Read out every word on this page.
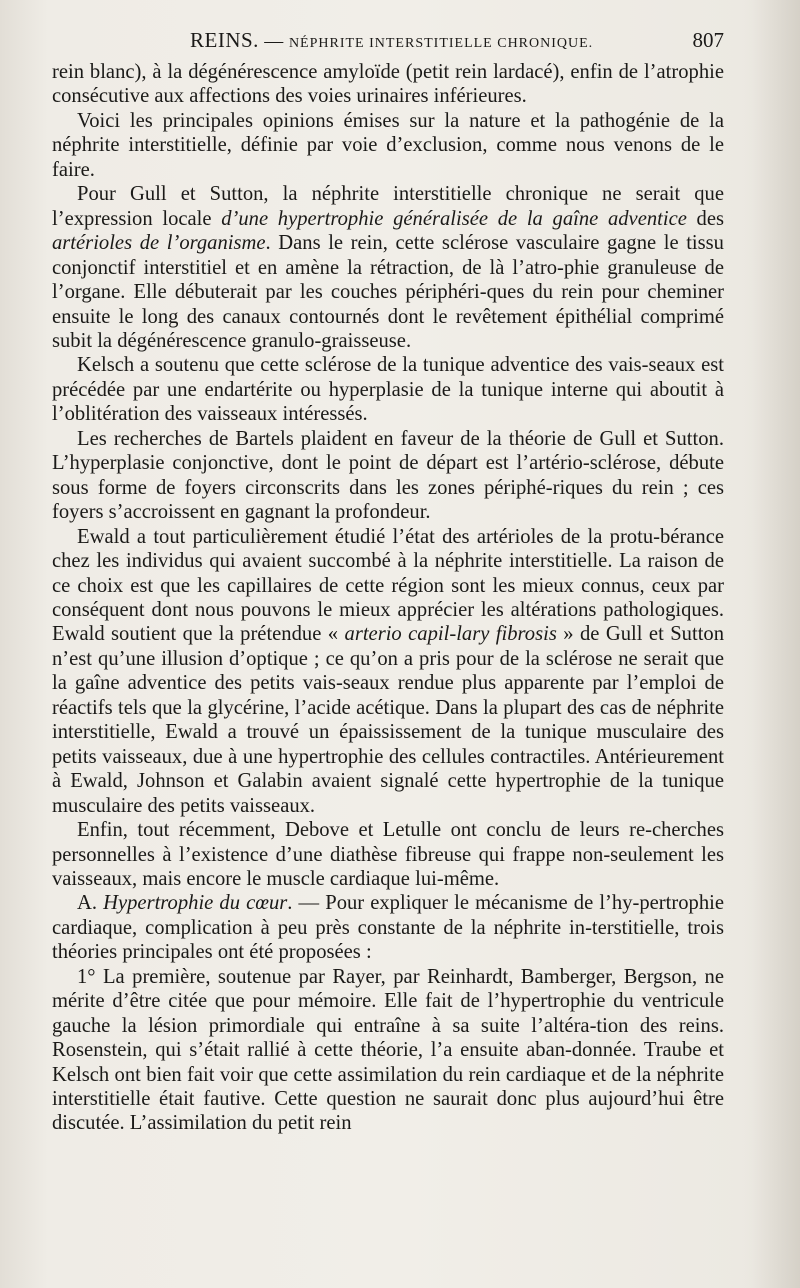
REINS. — NÉPHRITE INTERSTITIELLE CHRONIQUE.	807

rein blanc), à la dégénérescence amyloïde (petit rein lardacé), enfin de l’atrophie consécutive aux affections des voies urinaires inférieures.

Voici les principales opinions émises sur la nature et la pathogénie de la néphrite interstitielle, définie par voie d’exclusion, comme nous venons de le faire.

Pour Gull et Sutton, la néphrite interstitielle chronique ne serait que l’expression locale d’une hypertrophie généralisée de la gaîne adventice des artérioles de l’organisme. Dans le rein, cette sclérose vasculaire gagne le tissu conjonctif interstitiel et en amène la rétraction, de là l’atro-phie granuleuse de l’organe. Elle débuterait par les couches périphéri-ques du rein pour cheminer ensuite le long des canaux contournés dont le revêtement épithélial comprimé subit la dégénérescence granulo-graisseuse.

Kelsch a soutenu que cette sclérose de la tunique adventice des vais-seaux est précédée par une endartérite ou hyperplasie de la tunique interne qui aboutit à l’oblitération des vaisseaux intéressés.

Les recherches de Bartels plaident en faveur de la théorie de Gull et Sutton. L’hyperplasie conjonctive, dont le point de départ est l’artério-sclérose, débute sous forme de foyers circonscrits dans les zones périphé-riques du rein ; ces foyers s’accroissent en gagnant la profondeur.

Ewald a tout particulièrement étudié l’état des artérioles de la protu-bérance chez les individus qui avaient succombé à la néphrite interstitielle. La raison de ce choix est que les capillaires de cette région sont les mieux connus, ceux par conséquent dont nous pouvons le mieux apprécier les altérations pathologiques. Ewald soutient que la prétendue « arterio capil-lary fibrosis » de Gull et Sutton n’est qu’une illusion d’optique ; ce qu’on a pris pour de la sclérose ne serait que la gaîne adventice des petits vais-seaux rendue plus apparente par l’emploi de réactifs tels que la glycérine, l’acide acétique. Dans la plupart des cas de néphrite interstitielle, Ewald a trouvé un épaississement de la tunique musculaire des petits vaisseaux, due à une hypertrophie des cellules contractiles. Antérieurement à Ewald, Johnson et Galabin avaient signalé cette hypertrophie de la tunique musculaire des petits vaisseaux.

Enfin, tout récemment, Debove et Letulle ont conclu de leurs re-cherches personnelles à l’existence d’une diathèse fibreuse qui frappe non-seulement les vaisseaux, mais encore le muscle cardiaque lui-même.

A. Hypertrophie du cœur. — Pour expliquer le mécanisme de l’hy-pertrophie cardiaque, complication à peu près constante de la néphrite in-terstitielle, trois théories principales ont été proposées :

1° La première, soutenue par Rayer, par Reinhardt, Bamberger, Bergson, ne mérite d’être citée que pour mémoire. Elle fait de l’hypertrophie du ventricule gauche la lésion primordiale qui entraîne à sa suite l’altéra-tion des reins. Rosenstein, qui s’était rallié à cette théorie, l’a ensuite aban-donnée. Traube et Kelsch ont bien fait voir que cette assimilation du rein cardiaque et de la néphrite interstitielle était fautive. Cette question ne saurait donc plus aujourd’hui être discutée. L’assimilation du petit rein
